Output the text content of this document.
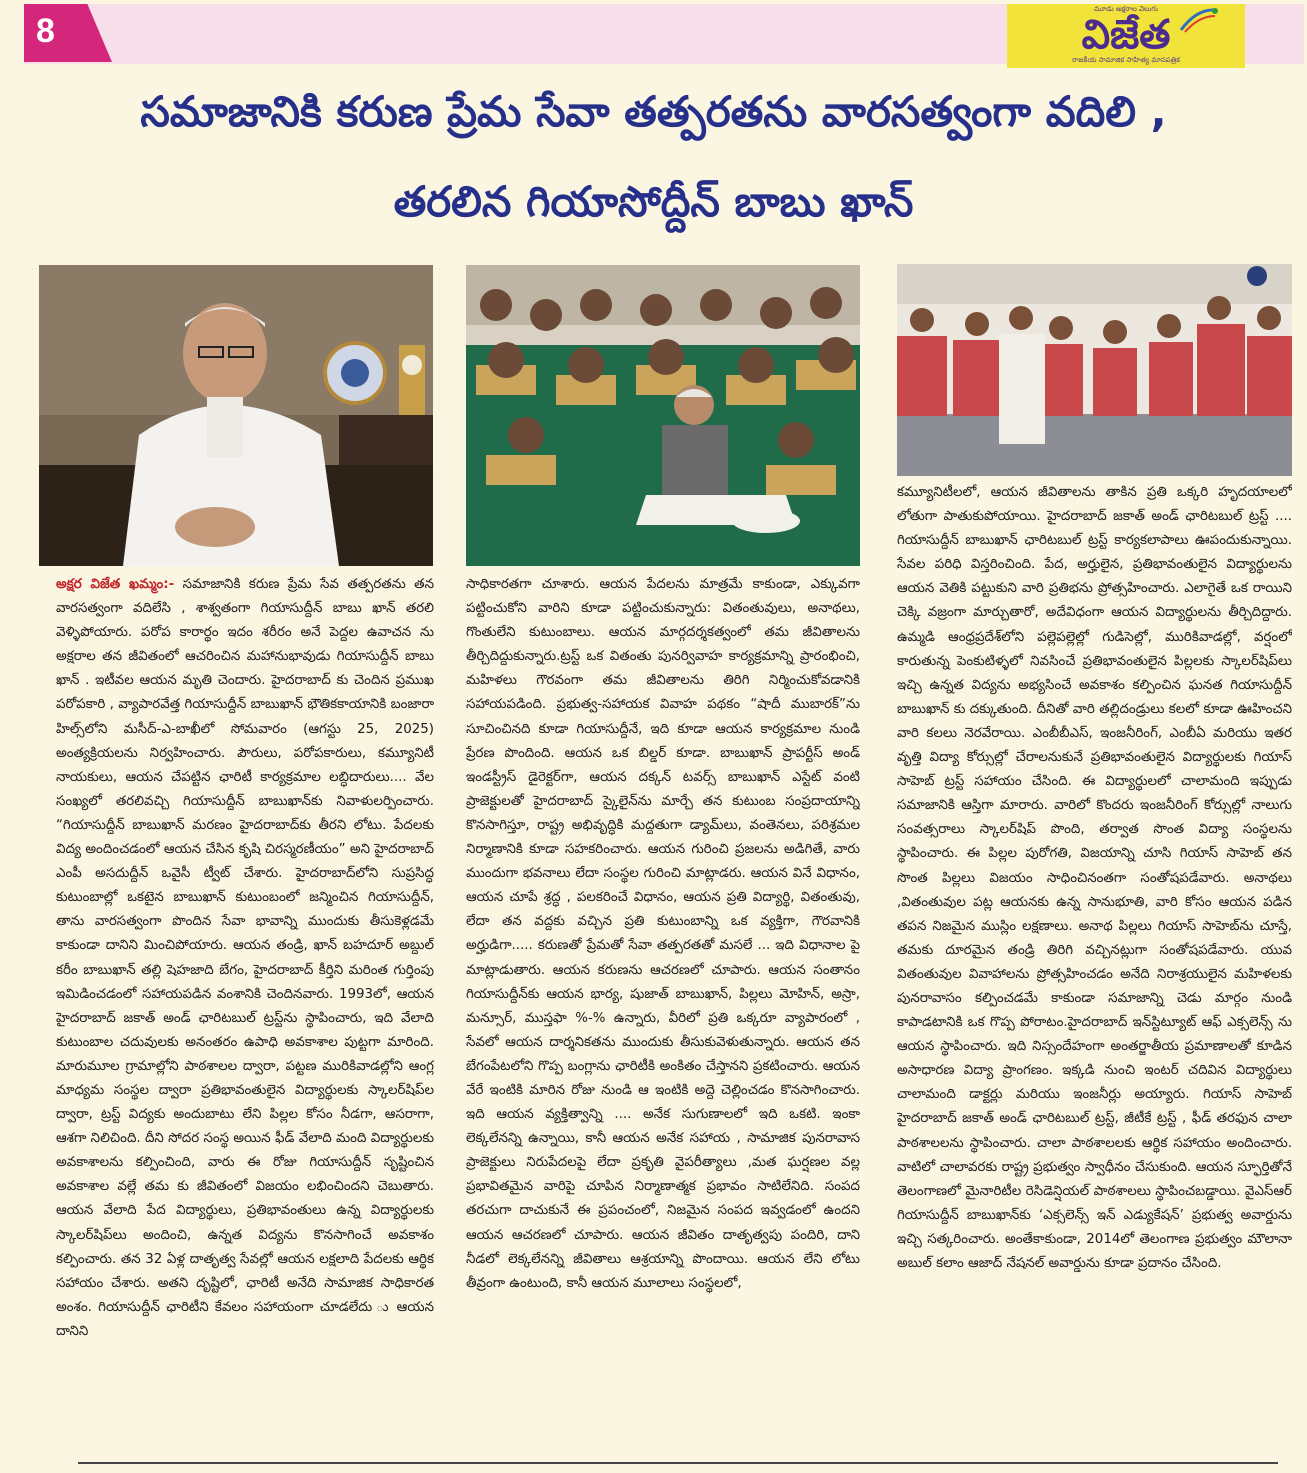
8
మూడు అక్షరాల వెలుగు
విజేత
రాజకీయ సామాజిక సాహిత్య మాసపత్రిక
సమాజానికి కరుణ ప్రేమ సేవా తత్పరతను వారసత్వంగా వదిలి ,
తరలిన గియాసోద్దీన్ బాబు ఖాన్
అక్షర విజేత ఖమ్మం:- సమాజానికి కరుణ ప్రేమ సేవ తత్పరతను తన వారసత్వంగా వదిలేసి , శాశ్వతంగా గియాసుద్దీన్ బాబు ఖాన్ తరలి వెళ్ళిపోయారు. పరోప కారార్థం ఇదం శరీరం అనే పెద్దల ఉవాచన ను అక్షరాల తన జీవితంలో ఆచరించిన మహానుభావుడు గియాసుద్దీన్ బాబు ఖాన్ . ఇటీవల ఆయన మృతి చెందారు. హైదరాబాద్ కు చెందిన ప్రముఖ పరోపకారి , వ్యాపారవేత్త గియాసుద్దీన్ బాబుఖాన్ భౌతికకాయానికి బంజారా హిల్స్‌లోని మసీద్-ఎ-బాఖీలో సోమవారం (ఆగస్టు 25, 2025) అంత్యక్రియలను నిర్వహించారు. పౌరులు, పరోపకారులు, కమ్యూనిటీ నాయకులు, ఆయన చేపట్టిన ఛారిటీ కార్యక్రమాల లబ్ధిదారులు.... వేల సంఖ్యలో తరలివచ్చి గియాసుద్దీన్ బాబుఖాన్‌కు నివాళులర్పించారు. “గియాసుద్దీన్ బాబుఖాన్ మరణం హైదరాబాద్‌కు తీరని లోటు. పేదలకు విద్య అందించడంలో ఆయన చేసిన కృషి చిరస్మరణీయం” అని హైదరాబాద్ ఎంపీ అసదుద్దీన్ ఒవైసీ ట్వీట్ చేశారు. హైదరాబాద్‌లోని సుప్రసిద్ధ కుటుంబాల్లో ఒకటైన బాబుఖాన్ కుటుంబంలో జన్మించిన గియాసుద్దీన్, తాను వారసత్వంగా పొందిన సేవా భావాన్ని ముందుకు తీసుకెళ్లడమే కాకుండా దానిని మించిపోయారు. ఆయన తండ్రి, ఖాన్ బహదూర్ అబ్దుల్ కరీం బాబుఖాన్ తల్లి షెహజాది బేగం, హైదరాబాద్ కీర్తిని మరింత గుర్తింపు ఇమిడించడంలో సహాయపడిన వంశానికి చెందినవారు. 1993లో, ఆయన హైదరాబాద్ జకాత్ అండ్ ఛారిటబుల్ ట్రస్ట్‌ను స్థాపించారు, ఇది వేలాది కుటుంబాల చదువులకు అనంతరం ఉపాధి అవకాశాల పుట్టగా మారింది. మారుమూల గ్రామాల్లోని పాఠశాలల ద్వారా, పట్టణ మురికివాడల్లోని ఆంగ్ల మాధ్యమ సంస్థల ద్వారా ప్రతిభావంతులైన విద్యార్థులకు స్కాలర్‌షిప్‌ల ద్వారా, ట్రస్ట్ విద్యకు అందుబాటు లేని పిల్లల కోసం నీడగా, ఆసరాగా, ఆశగా నిలిచింది. దీని సోదర సంస్థ అయిన ఫీడ్ వేలాది మంది విద్యార్థులకు అవకాశాలను కల్పించింది, వారు ఈ రోజు గియాసుద్దీన్ సృష్టించిన అవకాశాల వల్లే తమ కు జీవితంలో విజయం లభించిందని చెబుతారు. ఆయన వేలాది పేద విద్యార్థులు, ప్రతిభావంతులు ఉన్న విద్యార్థులకు స్కాలర్‌షిప్‌లు అందించి, ఉన్నత విద్యను కొనసాగించే అవకాశం కల్పించారు. తన 32 ఏళ్ల దాతృత్వ సేవల్లో ఆయన లక్షలాది పేదలకు ఆర్థిక సహాయం చేశారు. అతని దృష్టిలో, ఛారిటీ అనేది సామాజిక సాధికారత అంశం. గియాసుద్దీన్ ఛారిటీని కేవలం సహాయంగా చూడలేదు ు ఆయన దానిని
సాధికారతగా చూశారు. ఆయన పేదలను మాత్రమే కాకుండా, ఎక్కువగా పట్టించుకోని వారిని కూడా పట్టించుకున్నారు: వితంతువులు, అనాథలు, గొంతులేని కుటుంబాలు. ఆయన మార్గదర్శకత్వంలో తమ జీవితాలను తీర్చిదిద్దుకున్నారు.ట్రస్ట్ ఒక వితంతు పునర్వివాహ కార్యక్రమాన్ని ప్రారంభించి, మహిళలు గౌరవంగా తమ జీవితాలను తిరిగి నిర్మించుకోవడానికి సహాయపడింది. ప్రభుత్వ-సహాయక వివాహ పథకం “షాదీ ముబారక్”ను సూచించినది కూడా గియాసుద్దీనే, ఇది కూడా ఆయన కార్యక్రమాల నుండి ప్రేరణ పొందింది. ఆయన ఒక బిల్డర్ కూడా. బాబుఖాన్ ప్రాపర్టీస్ అండ్ ఇండస్ట్రీస్ డైరెక్టర్‌గా, ఆయన దక్కన్ టవర్స్ బాబుఖాన్ ఎస్టేట్ వంటి ప్రాజెక్టులతో హైదరాబాద్ స్కైలైన్‌ను మార్చే తన కుటుంబ సంప్రదాయాన్ని కొనసాగిస్తూ, రాష్ట్ర అభివృద్ధికి మద్దతుగా డ్యామ్‌లు, వంతెనలు, పరిశ్రమల నిర్మాణానికి కూడా సహకరించారు. ఆయన గురించి ప్రజలను అడిగితే, వారు ముందుగా భవనాలు లేదా సంస్థల గురించి మాట్లాడరు. ఆయన వినే విధానం, ఆయన చూపే శ్రద్ధ , పలకరించే విధానం, ఆయన ప్రతి విద్యార్థి, వితంతువు, లేదా తన వద్దకు వచ్చిన ప్రతి కుటుంబాన్ని ఒక వ్యక్తిగా, గౌరవానికి అర్హుడిగా..... కరుణతో ప్రేమతో సేవా తత్పరతతో మసలే ... ఇది విధానాల పై మాట్లాడుతారు. ఆయన కరుణను ఆచరణలో చూపారు. ఆయన సంతానం గియాసుద్దీన్‌కు ఆయన భార్య, షుజాత్ బాబుఖాన్, పిల్లలు మోహిన్, అస్రా, మన్సూర్, ముస్తఫా %-% ఉన్నారు, వీరిలో ప్రతి ఒక్కరూ వ్యాపారంలో , సేవలో ఆయన దార్శనికతను ముందుకు తీసుకువెళుతున్నారు. ఆయన తన బేగంపేటలోని గొప్ప బంగ్లాను ఛారిటీకి అంకితం చేస్తానని ప్రకటించారు. ఆయన వేరే ఇంటికి మారిన రోజు నుండి ఆ ఇంటికి అద్దె చెల్లించడం కొనసాగించారు. ఇది ఆయన వ్యక్తిత్వాన్ని .... అనేక సుగుణాలలో ఇది ఒకటి. ఇంకా లెక్కలేనన్ని ఉన్నాయి, కానీ ఆయన అనేక సహాయ , సామాజిక పునరావాస ప్రాజెక్టులు నిరుపేదలపై లేదా ప్రకృతి వైపరీత్యాలు ,మత ఘర్షణల వల్ల ప్రభావితమైన వారిపై చూపిన నిర్మాణాత్మక ప్రభావం సాటిలేనిది. సంపద తరచుగా దాచుకునే ఈ ప్రపంచంలో, నిజమైన సంపద ఇవ్వడంలో ఉందని ఆయన ఆచరణలో చూపారు. ఆయన జీవితం దాతృత్వపు పందిరి, దాని నీడలో లెక్కలేనన్ని జీవితాలు ఆశ్రయాన్ని పొందాయి. ఆయన లేని లోటు తీవ్రంగా ఉంటుంది, కానీ ఆయన మూలాలు సంస్థలలో,
కమ్యూనిటీలలో, ఆయన జీవితాలను తాకిన ప్రతి ఒక్కరి హృదయాలలో లోతుగా పాతుకుపోయాయి. హైదరాబాద్ జకాత్ అండ్ ఛారిటబుల్ ట్రస్ట్ .... గియాసుద్దీన్ బాబుఖాన్ ఛారిటబుల్ ట్రస్ట్ కార్యకలాపాలు ఊపందుకున్నాయి. సేవల పరిధి విస్తరించింది. పేద, అర్హులైన, ప్రతిభావంతులైన విద్యార్థులను ఆయన వెతికి పట్టుకుని వారి ప్రతిభను ప్రోత్సహించారు. ఎలాగైతే ఒక రాయిని చెక్కి వజ్రంగా మార్చుతారో, అదేవిధంగా ఆయన విద్యార్థులను తీర్చిదిద్దారు. ఉమ్మడి ఆంధ్రప్రదేశ్‌లోని పల్లెపల్లెల్లో గుడిసెల్లో, మురికివాడల్లో, వర్షంలో కారుతున్న పెంకుటిళ్ళలో నివసించే ప్రతిభావంతులైన పిల్లలకు స్కాలర్‌షిప్‌లు ఇచ్చి ఉన్నత విద్యను అభ్యసించే అవకాశం కల్పించిన ఘనత గియాసుద్దీన్ బాబుఖాన్ కు దక్కుతుంది. దీనితో వారి తల్లిదండ్రులు కలలో కూడా ఊహించని వారి కలలు నెరవేరాయి. ఎంబీబీఎస్, ఇంజనీరింగ్, ఎంబీఏ మరియు ఇతర వృత్తి విద్యా కోర్సుల్లో చేరాలనుకునే ప్రతిభావంతులైన విద్యార్థులకు గియాస్ సాహెబ్ ట్రస్ట్ సహాయం చేసింది. ఈ విద్యార్థులలో చాలామంది ఇప్పుడు సమాజానికి ఆస్తిగా మారారు. వారిలో కొందరు ఇంజనీరింగ్ కోర్సుల్లో నాలుగు సంవత్సరాలు స్కాలర్‌షిప్ పొంది, తర్వాత సొంత విద్యా సంస్థలను స్థాపించారు. ఈ పిల్లల పురోగతి, విజయాన్ని చూసి గియాస్ సాహెబ్ తన సొంత పిల్లలు విజయం సాధించినంతగా సంతోషపడేవారు. అనాథలు ,వితంతువుల పట్ల ఆయనకు ఉన్న సానుభూతి, వారి కోసం ఆయన పడిన తపన నిజమైన ముస్లిం లక్షణాలు. అనాథ పిల్లలు గియాస్ సాహెబ్‌ను చూస్తే, తమకు దూరమైన తండ్రి తిరిగి వచ్చినట్లుగా సంతోషపడేవారు. యువ వితంతువుల వివాహాలను ప్రోత్సహించడం అనేది నిరాశ్రయులైన మహిళలకు పునరావాసం కల్పించడమే కాకుండా సమాజాన్ని చెడు మార్గం నుండి కాపాడటానికి ఒక గొప్ప పోరాటం.హైదరాబాద్ ఇన్‌స్టిట్యూట్ ఆఫ్ ఎక్సలెన్స్ ను ఆయన స్థాపించారు. ఇది నిస్సందేహంగా అంతర్జాతీయ ప్రమాణాలతో కూడిన అసాధారణ విద్యా ప్రాంగణం. ఇక్కడి నుంచి ఇంటర్ చదివిన విద్యార్థులు చాలామంది డాక్టర్లు మరియు ఇంజనీర్లు అయ్యారు. గియాస్ సాహెబ్ హైదరాబాద్ జకాత్ అండ్ ఛారిటబుల్ ట్రస్ట్, జీటీకే ట్రస్ట్ , ఫీడ్ తరఫున చాలా పాఠశాలలను స్థాపించారు. చాలా పాఠశాలలకు ఆర్థిక సహాయం అందించారు. వాటిలో చాలావరకు రాష్ట్ర ప్రభుత్వం స్వాధీనం చేసుకుంది. ఆయన స్ఫూర్తితోనే తెలంగాణలో మైనారిటీల రెసిడెన్షియల్ పాఠశాలలు స్థాపించబడ్డాయి. వైఎస్ఆర్ గియాసుద్దీన్ బాబుఖాన్‌కు ‘ఎక్సలెన్స్ ఇన్ ఎడ్యుకేషన్’ ప్రభుత్వ అవార్డును ఇచ్చి సత్కరించారు. అంతేకాకుండా, 2014లో తెలంగాణ ప్రభుత్వం మౌలానా అబుల్ కలాం ఆజాద్ నేషనల్ అవార్డును కూడా ప్రదానం చేసింది.
